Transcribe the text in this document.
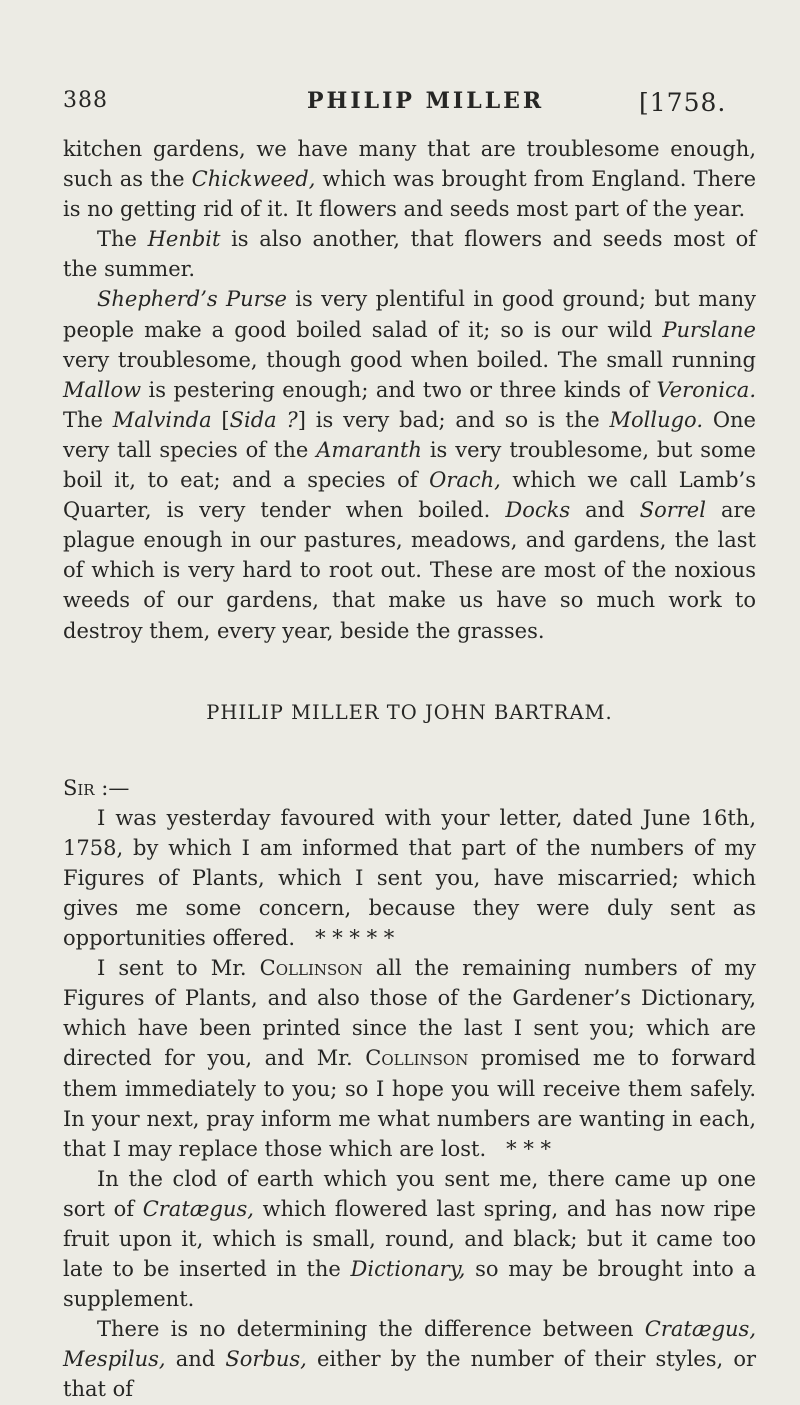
388	PHILIP MILLER	[1758.

kitchen gardens, we have many that are troublesome enough, such as the Chickweed, which was brought from England. There is no getting rid of it. It flowers and seeds most part of the year.

The Henbit is also another, that flowers and seeds most of the summer.

Shepherd’s Purse is very plentiful in good ground; but many people make a good boiled salad of it; so is our wild Purslane very troublesome, though good when boiled. The small running Mallow is pestering enough; and two or three kinds of Veronica. The Malvinda [Sida ?] is very bad; and so is the Mollugo. One very tall species of the Amaranth is very troublesome, but some boil it, to eat; and a species of Orach, which we call Lamb’s Quarter, is very tender when boiled. Docks and Sorrel are plague enough in our pastures, meadows, and gardens, the last of which is very hard to root out. These are most of the noxious weeds of our gardens, that make us have so much work to destroy them, every year, beside the grasses.

PHILIP MILLER TO JOHN BARTRAM.
Sir :—

I was yesterday favoured with your letter, dated June 16th, 1758, by which I am informed that part of the numbers of my Figures of Plants, which I sent you, have miscarried; which gives me some concern, because they were duly sent as opportunities offered. * * * * *

I sent to Mr. Collinson all the remaining numbers of my Figures of Plants, and also those of the Gardener’s Dictionary, which have been printed since the last I sent you; which are directed for you, and Mr. Collinson promised me to forward them immediately to you; so I hope you will receive them safely. In your next, pray inform me what numbers are wanting in each, that I may replace those which are lost. * * *

In the clod of earth which you sent me, there came up one sort of Cratægus, which flowered last spring, and has now ripe fruit upon it, which is small, round, and black; but it came too late to be inserted in the Dictionary, so may be brought into a supplement.

There is no determining the difference between Cratægus, Mespilus, and Sorbus, either by the number of their styles, or that of
